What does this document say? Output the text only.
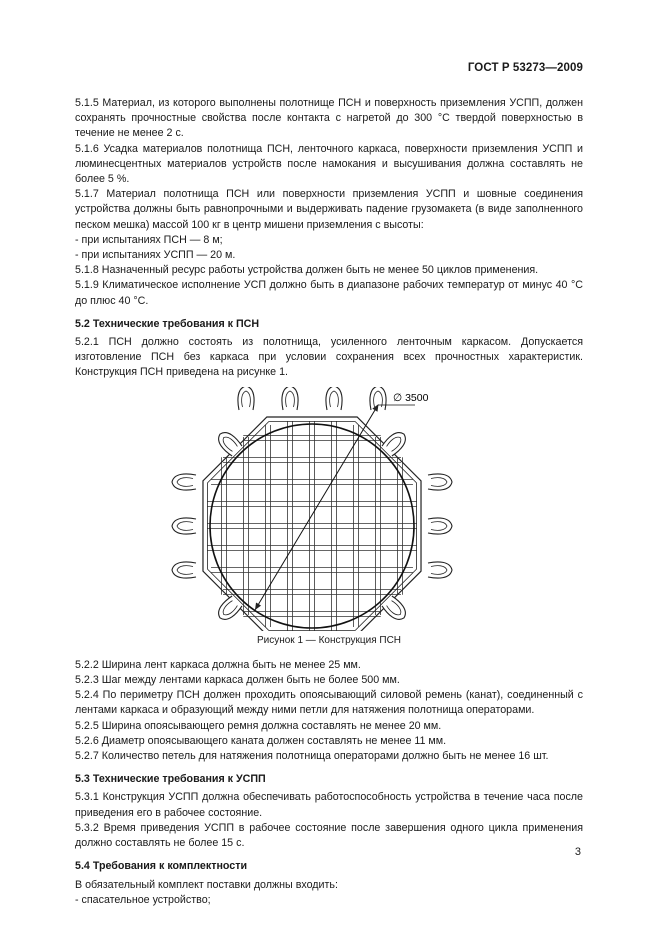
ГОСТ Р 53273—2009

5.1.5 Материал, из которого выполнены полотнище ПСН и поверхность приземления УСПП, должен сохранять прочностные свойства после контакта с нагретой до 300 °С твердой поверхностью в течение не менее 2 с.

5.1.6 Усадка материалов полотнища ПСН, ленточного каркаса, поверхности приземления УСПП и люминесцентных материалов устройств после намокания и высушивания должна составлять не более 5 %.

5.1.7 Материал полотнища ПСН или поверхности приземления УСПП и шовные соединения устройства должны быть равнопрочными и выдерживать падение грузомакета (в виде заполненного песком мешка) массой 100 кг в центр мишени приземления с высоты:

- при испытаниях ПСН — 8 м;

- при испытаниях УСПП — 20 м.

5.1.8 Назначенный ресурс работы устройства должен быть не менее 50 циклов применения.

5.1.9 Климатическое исполнение УСП должно быть в диапазоне рабочих температур от минус 40 °С до плюс 40 °С.

5.2 Технические требования к ПСН

5.2.1 ПСН должно состоять из полотнища, усиленного ленточным каркасом. Допускается изготовление ПСН без каркаса при условии сохранения всех прочностных характеристик. Конструкция ПСН приведена на рисунке 1.

∅ 3500

Рисунок 1 — Конструкция ПСН

5.2.2 Ширина лент каркаса должна быть не менее 25 мм.

5.2.3 Шаг между лентами каркаса должен быть не более 500 мм.

5.2.4 По периметру ПСН должен проходить опоясывающий силовой ремень (канат), соединенный с лентами каркаса и образующий между ними петли для натяжения полотнища операторами.

5.2.5 Ширина опоясывающего ремня должна составлять не менее 20 мм.

5.2.6 Диаметр опоясывающего каната должен составлять не менее 11 мм.

5.2.7 Количество петель для натяжения полотнища операторами должно быть не менее 16 шт.

5.3 Технические требования к УСПП

5.3.1 Конструкция УСПП должна обеспечивать работоспособность устройства в течение часа после приведения его в рабочее состояние.

5.3.2 Время приведения УСПП в рабочее состояние после завершения одного цикла применения должно составлять не более 15 с.

5.4 Требования к комплектности

В обязательный комплект поставки должны входить:

- спасательное устройство;

3
